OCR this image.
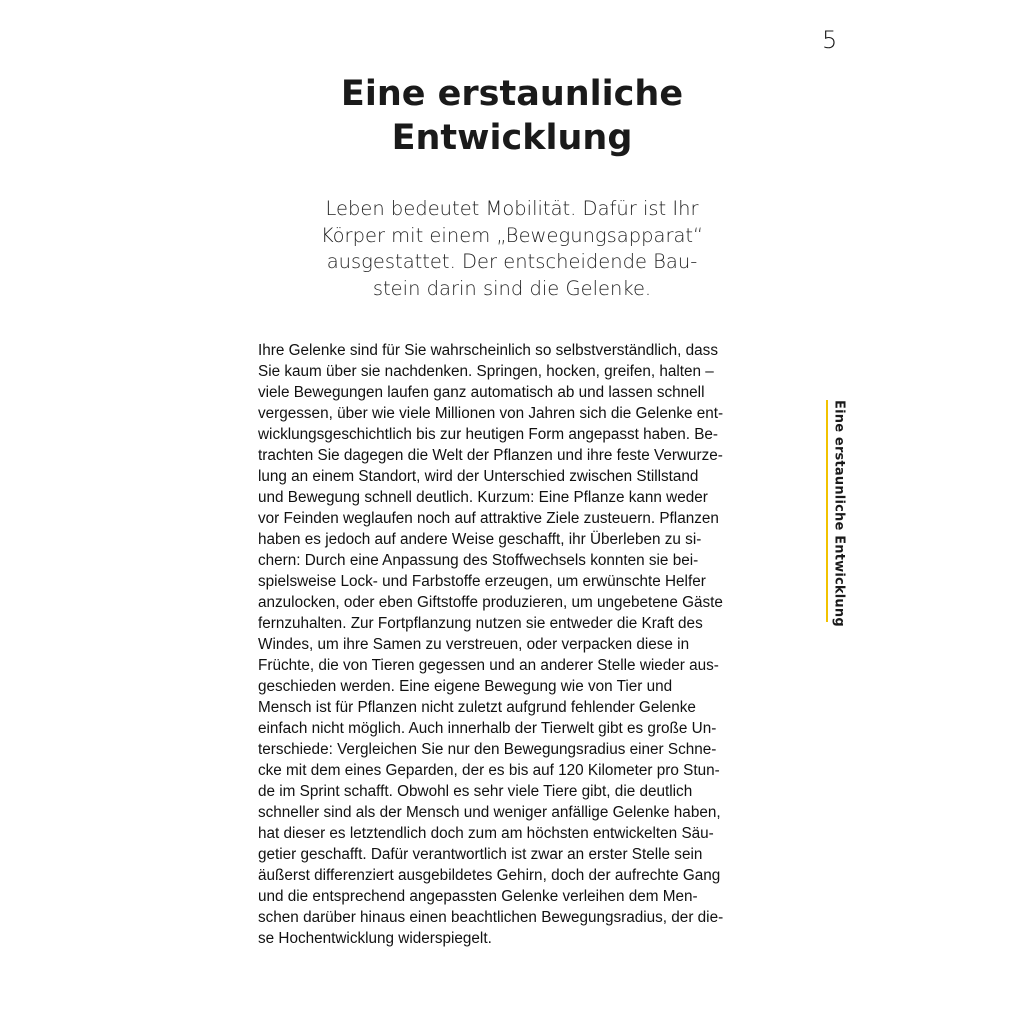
5
Eine erstaunliche
Entwicklung

Leben bedeutet Mobilität. Dafür ist Ihr
Körper mit einem „Bewegungsapparat“
ausgestattet. Der entscheidende Bau-
stein darin sind die Gelenke.

Ihre Gelenke sind für Sie wahrscheinlich so selbstverständlich, dass
Sie kaum über sie nachdenken. Springen, hocken, greifen, halten –
viele Bewegungen laufen ganz automatisch ab und lassen schnell
vergessen, über wie viele Millionen von Jahren sich die Gelenke ent-
wicklungsgeschichtlich bis zur heutigen Form angepasst haben. Be-
trachten Sie dagegen die Welt der Pflanzen und ihre feste Verwurze-
lung an einem Standort, wird der Unterschied zwischen Stillstand
und Bewegung schnell deutlich. Kurzum: Eine Pflanze kann weder
vor Feinden weglaufen noch auf attraktive Ziele zusteuern. Pflanzen
haben es jedoch auf andere Weise geschafft, ihr Überleben zu si-
chern: Durch eine Anpassung des Stoffwechsels konnten sie bei-
spielsweise Lock- und Farbstoffe erzeugen, um erwünschte Helfer
anzulocken, oder eben Giftstoffe produzieren, um ungebetene Gäste
fernzuhalten. Zur Fortpflanzung nutzen sie entweder die Kraft des
Windes, um ihre Samen zu verstreuen, oder verpacken diese in
Früchte, die von Tieren gegessen und an anderer Stelle wieder aus-
geschieden werden. Eine eigene Bewegung wie von Tier und
Mensch ist für Pflanzen nicht zuletzt aufgrund fehlender Gelenke
einfach nicht möglich. Auch innerhalb der Tierwelt gibt es große Un-
terschiede: Vergleichen Sie nur den Bewegungsradius einer Schne-
cke mit dem eines Geparden, der es bis auf 120 Kilometer pro Stun-
de im Sprint schafft. Obwohl es sehr viele Tiere gibt, die deutlich
schneller sind als der Mensch und weniger anfällige Gelenke haben,
hat dieser es letztendlich doch zum am höchsten entwickelten Säu-
getier geschafft. Dafür verantwortlich ist zwar an erster Stelle sein
äußerst differenziert ausgebildetes Gehirn, doch der aufrechte Gang
und die entsprechend angepassten Gelenke verleihen dem Men-
schen darüber hinaus einen beachtlichen Bewegungsradius, der die-
se Hochentwicklung widerspiegelt.

Eine erstaunliche Entwicklung
